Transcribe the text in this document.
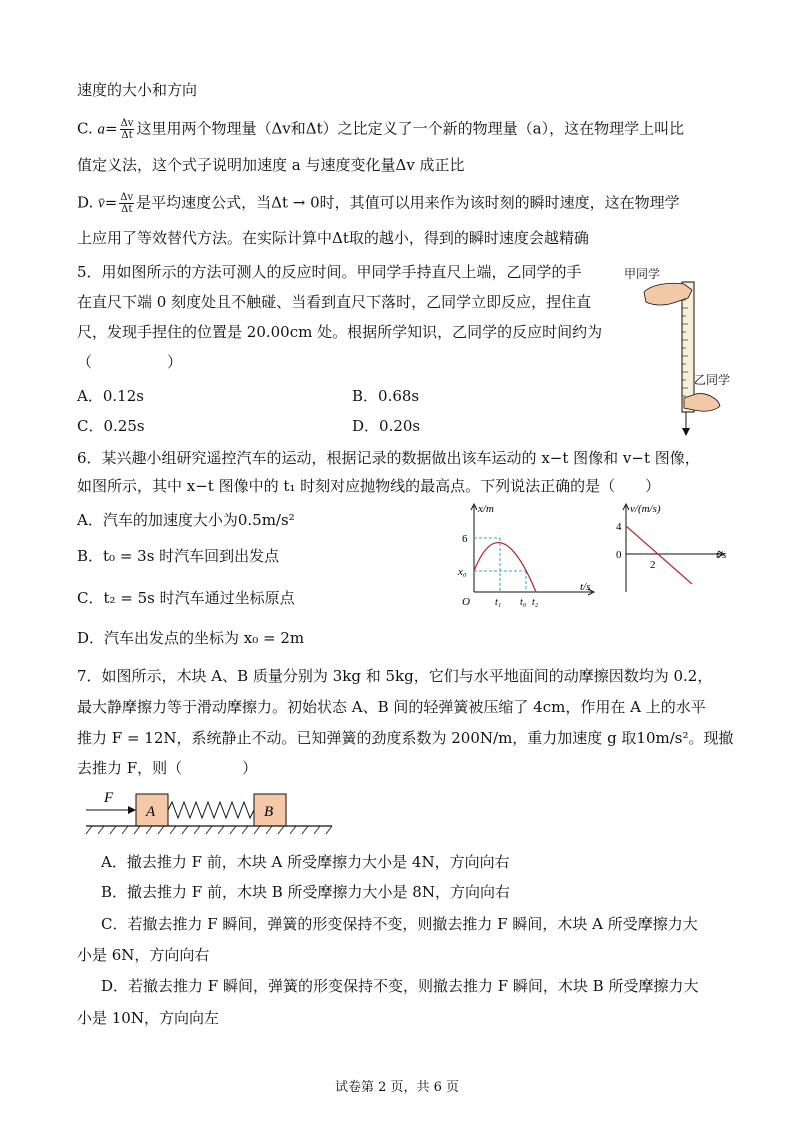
速度的大小和方向
C. $a= \frac{\Delta v}{\Delta t}$ 这里用两个物理量（Δv和Δt）之比定义了一个新的物理量（a），这在物理学上叫比
值定义法，这个式子说明加速度 a 与速度变化量Δv 成正比
D. v̄= $\frac{\Delta v}{\Delta t}$ 是平均速度公式，当Δt → 0时，其值可以用来作为该时刻的瞬时速度，这在物理学
上应用了等效替代方法。在实际计算中Δt取的越小，得到的瞬时速度会越精确
5．用如图所示的方法可测人的反应时间。甲同学手持直尺上端，乙同学的手
在直尺下端 0 刻度处且不触碰、当看到直尺下落时，乙同学立即反应，捏住直
尺，发现手捏住的位置是 20.00cm 处。根据所学知识，乙同学的反应时间约为
（　　　　　）
A．0.12s	B．0.68s
C．0.25s	D．0.20s
甲同学
乙同学
6．某兴趣小组研究遥控汽车的运动，根据记录的数据做出该车运动的 x−t 图像和 v−t 图像，
如图所示，其中 x−t 图像中的 t₁ 时刻对应抛物线的最高点。下列说法正确的是（　　）
A．汽车的加速度大小为0.5m/s²
B．t₀ = 3s 时汽车回到出发点
C．t₂ = 5s 时汽车通过坐标原点
D．汽车出发点的坐标为 x₀ = 2m
x/m
t/s
6
x₀
O	t₁ t₀ t₂
v/(m/s)
t/s
4
0
2
7．如图所示，木块 A、B 质量分别为 3kg 和 5kg，它们与水平地面间的动摩擦因数均为 0.2，
最大静摩擦力等于滑动摩擦力。初始状态 A、B 间的轻弹簧被压缩了 4cm，作用在 A 上的水平
推力 F = 12N，系统静止不动。已知弹簧的劲度系数为 200N/m，重力加速度 g 取10m/s²。现撤
去推力 F，则（　　　　）
F
A	B
A．撤去推力 F 前，木块 A 所受摩擦力大小是 4N，方向向右
B．撤去推力 F 前，木块 B 所受摩擦力大小是 8N，方向向右
C．若撤去推力 F 瞬间，弹簧的形变保持不变，则撤去推力 F 瞬间，木块 A 所受摩擦力大
小是 6N，方向向右
D．若撤去推力 F 瞬间，弹簧的形变保持不变，则撤去推力 F 瞬间，木块 B 所受摩擦力大
小是 10N，方向向左
试卷第 2 页，共 6 页
